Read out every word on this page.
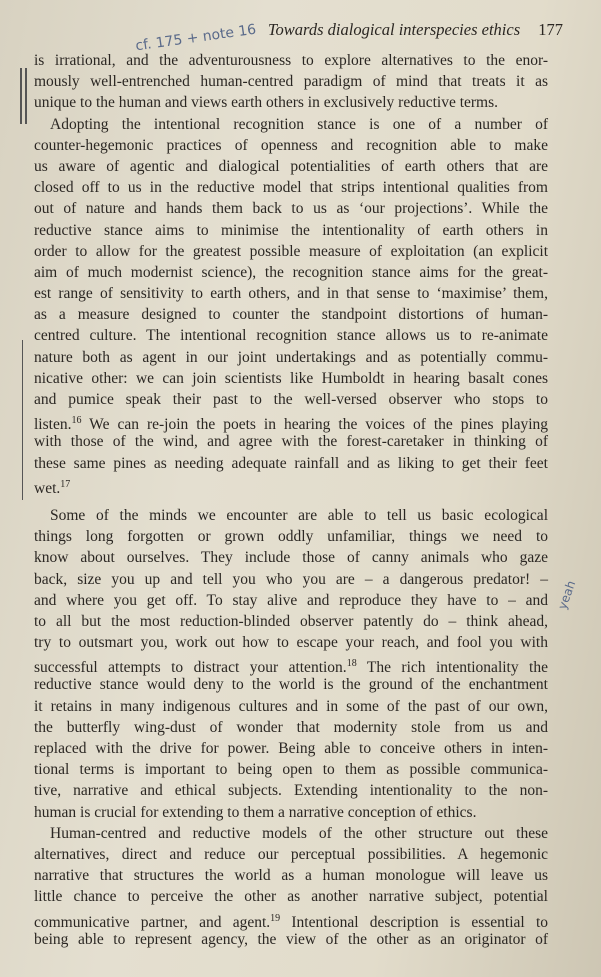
Towards dialogical interspecies ethics 177
cf. 175 + note 16
yeah
is irrational, and the adventurousness to explore alternatives to the enor-
mously well-entrenched human-centred paradigm of mind that treats it as
unique to the human and views earth others in exclusively reductive terms.
Adopting the intentional recognition stance is one of a number of
counter-hegemonic practices of openness and recognition able to make
us aware of agentic and dialogical potentialities of earth others that are
closed off to us in the reductive model that strips intentional qualities from
out of nature and hands them back to us as ‘our projections’. While the
reductive stance aims to minimise the intentionality of earth others in
order to allow for the greatest possible measure of exploitation (an explicit
aim of much modernist science), the recognition stance aims for the great-
est range of sensitivity to earth others, and in that sense to ‘maximise’ them,
as a measure designed to counter the standpoint distortions of human-
centred culture. The intentional recognition stance allows us to re-animate
nature both as agent in our joint undertakings and as potentially commu-
nicative other: we can join scientists like Humboldt in hearing basalt cones
and pumice speak their past to the well-versed observer who stops to
listen.$^{16}$ We can re-join the poets in hearing the voices of the pines playing
with those of the wind, and agree with the forest-caretaker in thinking of
these same pines as needing adequate rainfall and as liking to get their feet
wet.$^{17}$
Some of the minds we encounter are able to tell us basic ecological
things long forgotten or grown oddly unfamiliar, things we need to
know about ourselves. They include those of canny animals who gaze
back, size you up and tell you who you are – a dangerous predator! –
and where you get off. To stay alive and reproduce they have to – and
to all but the most reduction-blinded observer patently do – think ahead,
try to outsmart you, work out how to escape your reach, and fool you with
successful attempts to distract your attention.$^{18}$ The rich intentionality the
reductive stance would deny to the world is the ground of the enchantment
it retains in many indigenous cultures and in some of the past of our own,
the butterfly wing-dust of wonder that modernity stole from us and
replaced with the drive for power. Being able to conceive others in inten-
tional terms is important to being open to them as possible communica-
tive, narrative and ethical subjects. Extending intentionality to the non-
human is crucial for extending to them a narrative conception of ethics.
Human-centred and reductive models of the other structure out these
alternatives, direct and reduce our perceptual possibilities. A hegemonic
narrative that structures the world as a human monologue will leave us
little chance to perceive the other as another narrative subject, potential
communicative partner, and agent.$^{19}$ Intentional description is essential to
being able to represent agency, the view of the other as an originator of
